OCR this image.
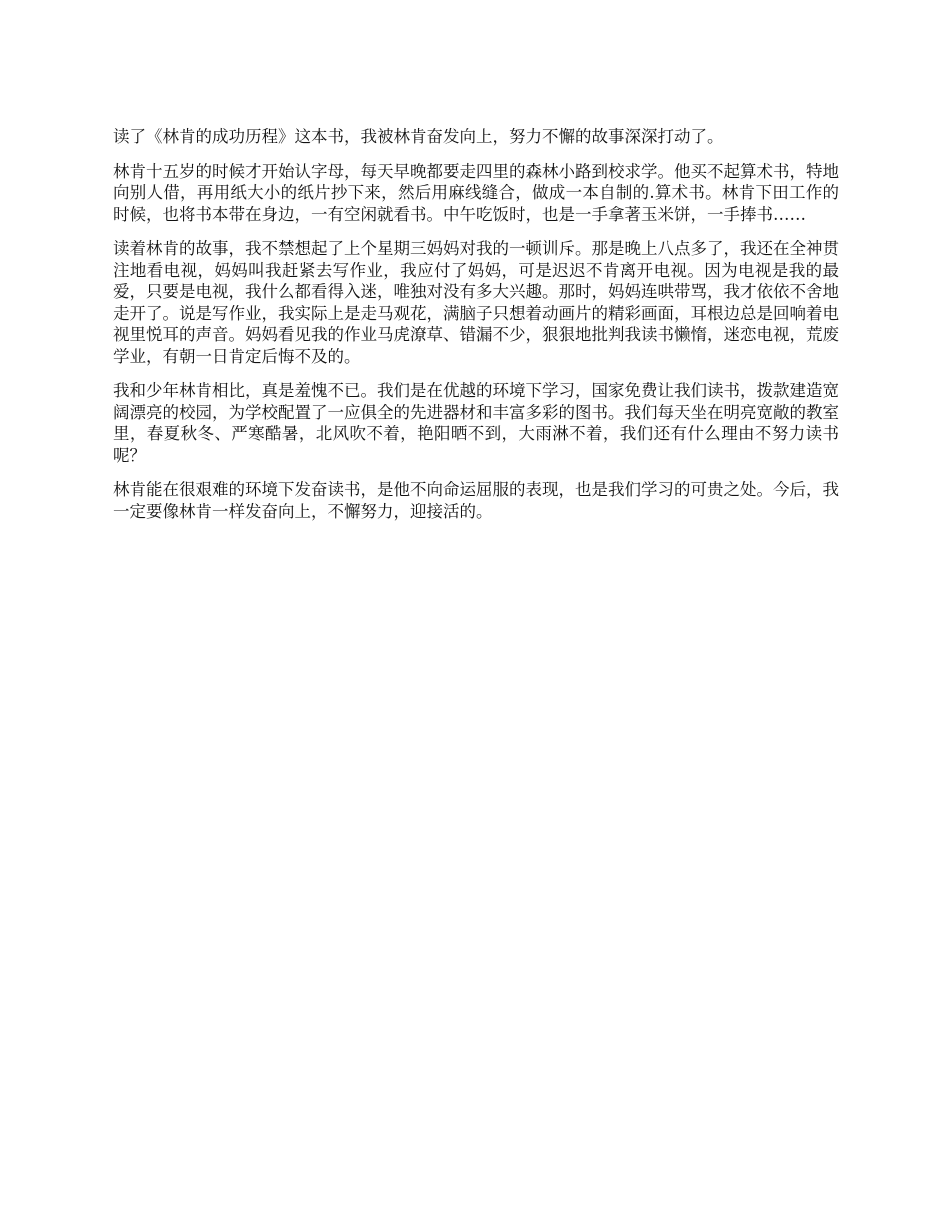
读了《林肯的成功历程》这本书，我被林肯奋发向上，努力不懈的故事深深打动了。

林肯十五岁的时候才开始认字母，每天早晚都要走四里的森林小路到校求学。他买不起算术书，特地向别人借，再用纸大小的纸片抄下来，然后用麻线缝合，做成一本自制的.算术书。林肯下田工作的时候，也将书本带在身边，一有空闲就看书。中午吃饭时，也是一手拿著玉米饼，一手捧书……

读着林肯的故事，我不禁想起了上个星期三妈妈对我的一顿训斥。那是晚上八点多了，我还在全神贯注地看电视，妈妈叫我赶紧去写作业，我应付了妈妈，可是迟迟不肯离开电视。因为电视是我的最爱，只要是电视，我什么都看得入迷，唯独对没有多大兴趣。那时，妈妈连哄带骂，我才依依不舍地走开了。说是写作业，我实际上是走马观花，满脑子只想着动画片的精彩画面，耳根边总是回响着电视里悦耳的声音。妈妈看见我的作业马虎潦草、错漏不少，狠狠地批判我读书懒惰，迷恋电视，荒废学业，有朝一日肯定后悔不及的。

我和少年林肯相比，真是羞愧不已。我们是在优越的环境下学习，国家免费让我们读书，拨款建造宽阔漂亮的校园，为学校配置了一应俱全的先进器材和丰富多彩的图书。我们每天坐在明亮宽敞的教室里，春夏秋冬、严寒酷暑，北风吹不着，艳阳晒不到，大雨淋不着，我们还有什么理由不努力读书呢？

林肯能在很艰难的环境下发奋读书，是他不向命运屈服的表现，也是我们学习的可贵之处。今后，我一定要像林肯一样发奋向上，不懈努力，迎接活的。
